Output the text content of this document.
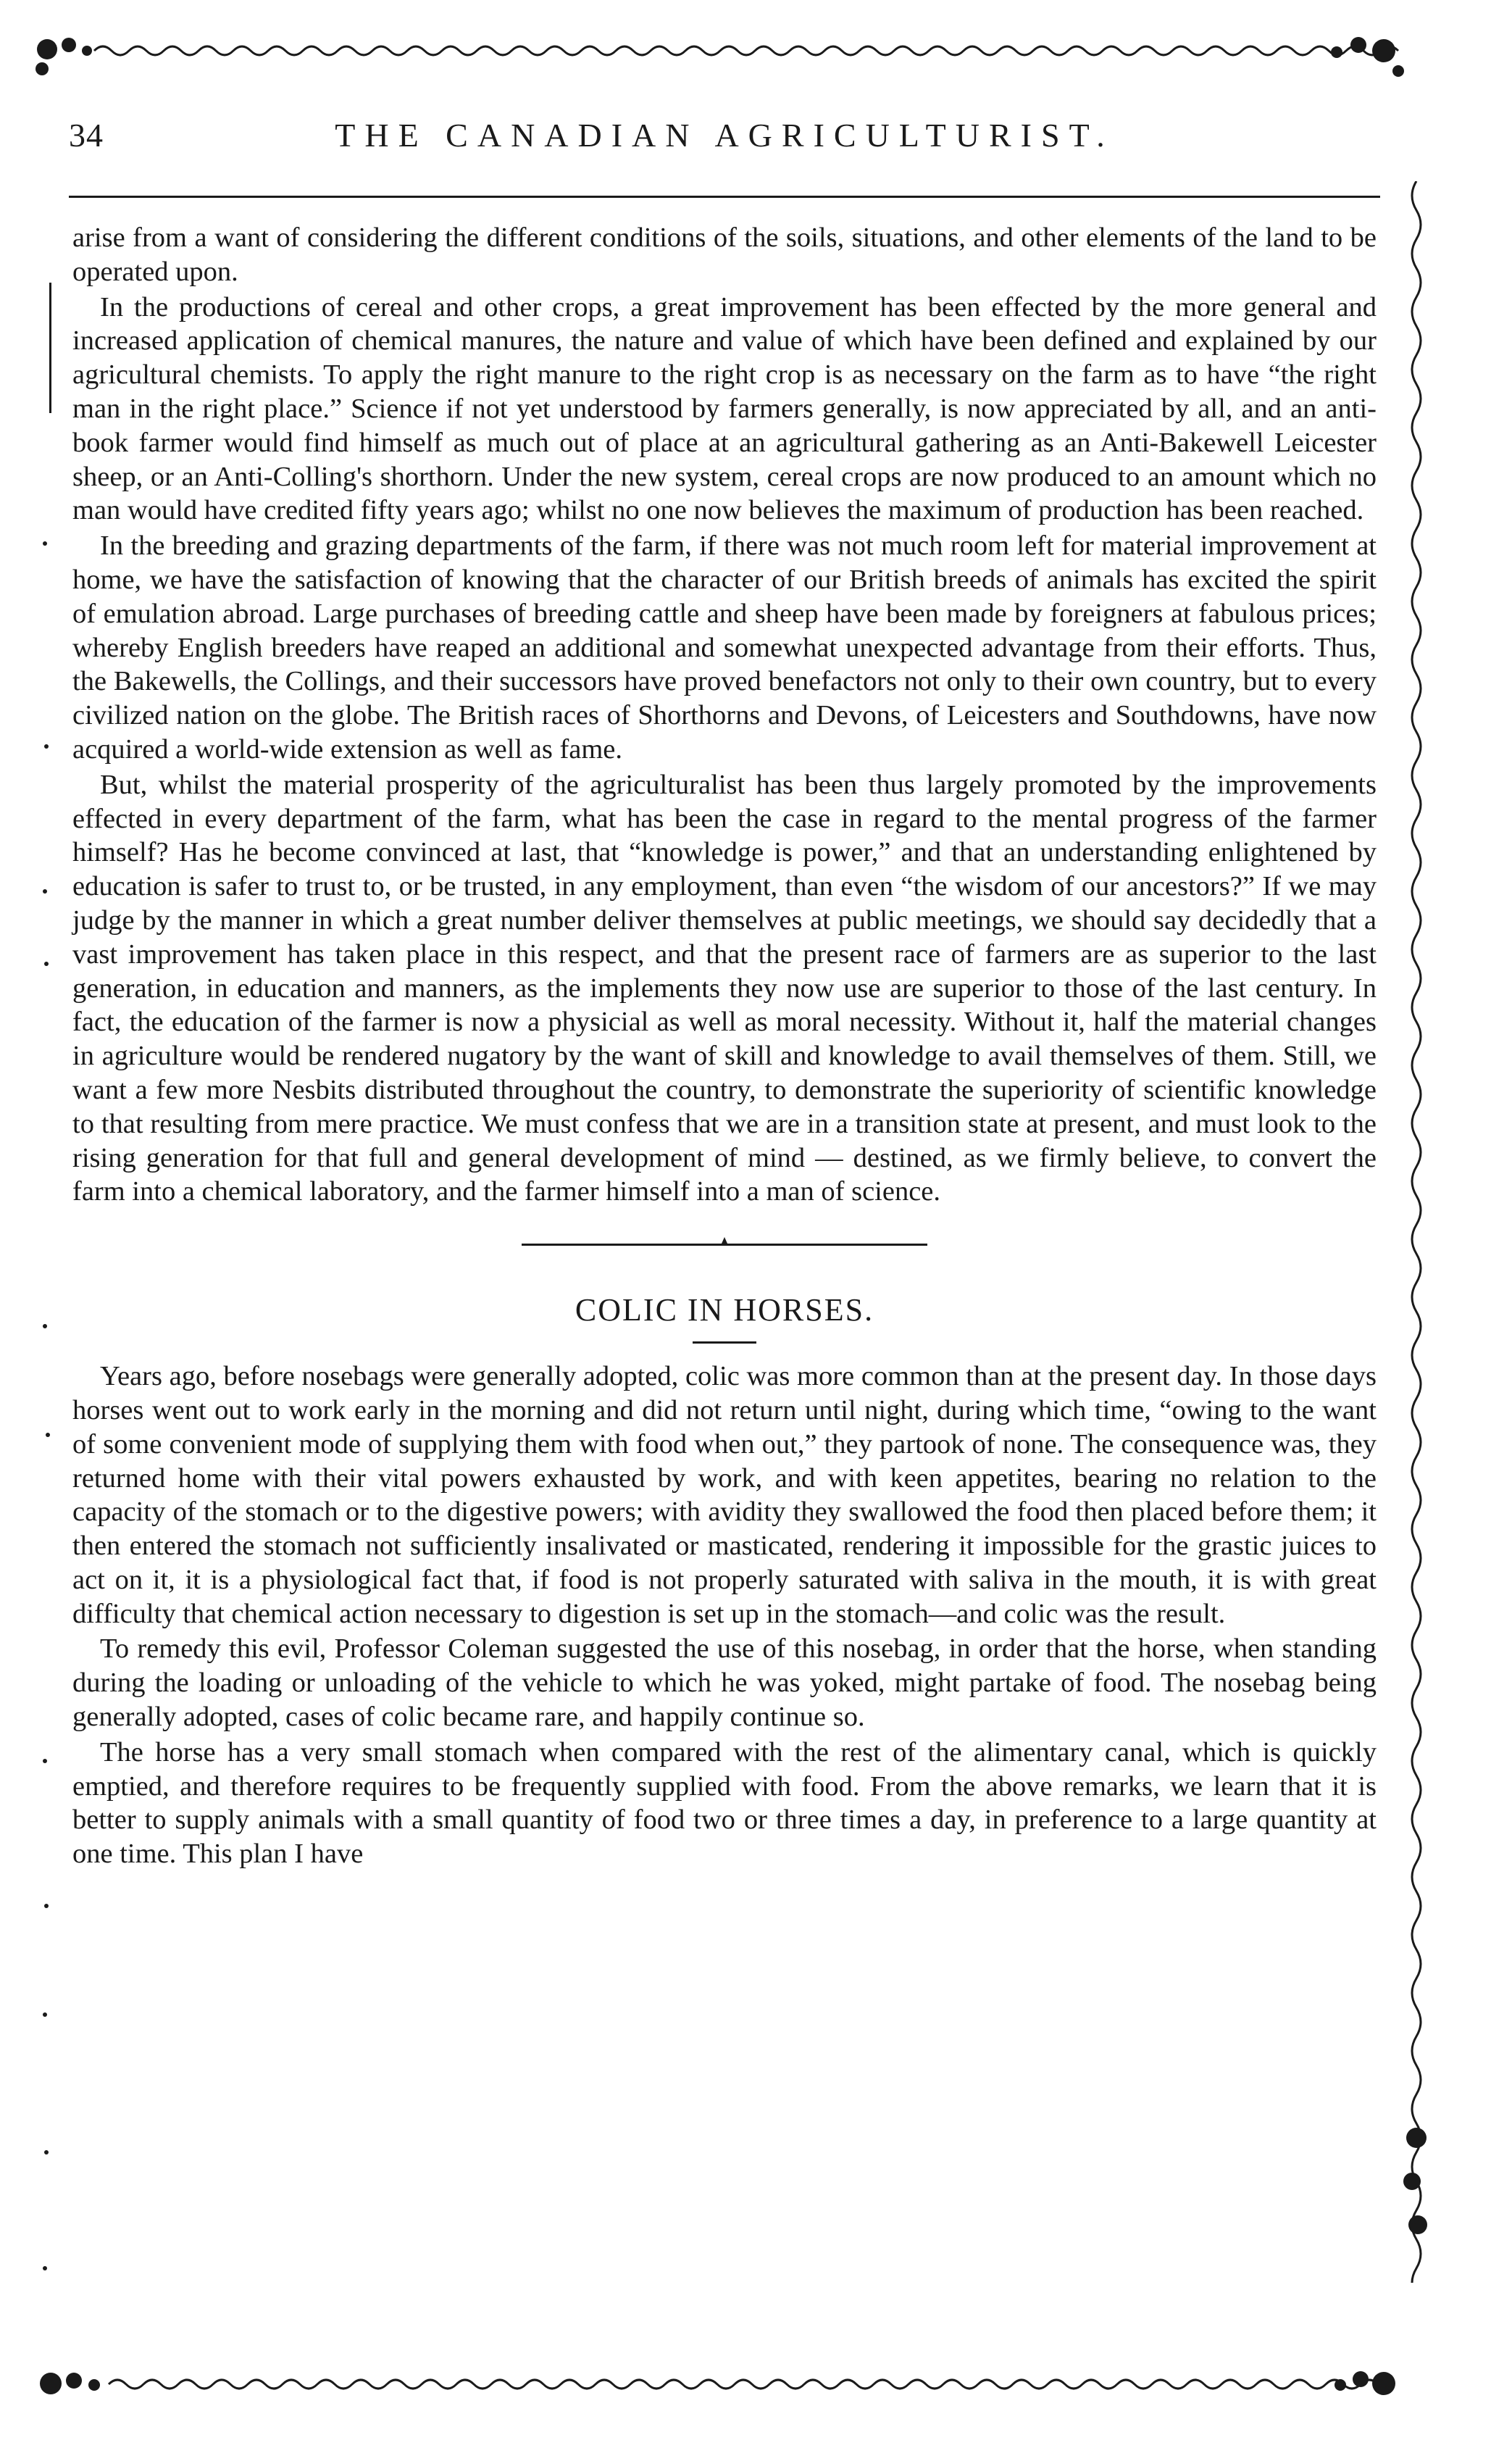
34	THE CANADIAN AGRICULTURIST.

arise from a want of considering the different conditions of the soils, situations, and other elements of the land to be operated upon.

In the productions of cereal and other crops, a great improvement has been effected by the more general and increased application of chemical manures, the nature and value of which have been defined and explained by our agricultural chemists. To apply the right manure to the right crop is as necessary on the farm as to have “the right man in the right place.” Science if not yet understood by farmers generally, is now appreciated by all, and an anti-book farmer would find himself as much out of place at an agricultural gathering as an Anti-Bakewell Leicester sheep, or an Anti-Colling's shorthorn. Under the new system, cereal crops are now produced to an amount which no man would have credited fifty years ago; whilst no one now believes the maximum of production has been reached.

In the breeding and grazing departments of the farm, if there was not much room left for material improvement at home, we have the satisfaction of knowing that the character of our British breeds of animals has excited the spirit of emulation abroad. Large purchases of breeding cattle and sheep have been made by foreigners at fabulous prices; whereby English breeders have reaped an additional and somewhat unexpected advantage from their efforts. Thus, the Bakewells, the Collings, and their successors have proved benefactors not only to their own country, but to every civilized nation on the globe. The British races of Shorthorns and Devons, of Leicesters and Southdowns, have now acquired a world-wide extension as well as fame.

But, whilst the material prosperity of the agriculturalist has been thus largely promoted by the improvements effected in every department of the farm, what has been the case in regard to the mental progress of the farmer himself? Has he become convinced at last, that “knowledge is power,” and that an understanding enlightened by education is safer to trust to, or be trusted, in any employment, than even “the wisdom of our ancestors?” If we may judge by the manner in which a great number deliver themselves at public meetings, we should say decidedly that a vast improvement has taken place in this respect, and that the present race of farmers are as superior to the last generation, in education and manners, as the implements they now use are superior to those of the last century. In fact, the education of the farmer is now a physicial as well as moral necessity. Without it, half the material changes in agriculture would be rendered nugatory by the want of skill and knowledge to avail themselves of them. Still, we want a few more Nesbits distributed throughout the country, to demonstrate the superiority of scientific knowledge to that resulting from mere practice. We must confess that we are in a transition state at present, and must look to the rising generation for that full and general development of mind — destined, as we firmly believe, to convert the farm into a chemical laboratory, and the farmer himself into a man of science.

COLIC IN HORSES.

Years ago, before nosebags were generally adopted, colic was more common than at the present day. In those days horses went out to work early in the morning and did not return until night, during which time, “owing to the want of some convenient mode of supplying them with food when out,” they partook of none. The consequence was, they returned home with their vital powers exhausted by work, and with keen appetites, bearing no relation to the capacity of the stomach or to the digestive powers; with avidity they swallowed the food then placed before them; it then entered the stomach not sufficiently insalivated or masticated, rendering it impossible for the grastic juices to act on it, it is a physiological fact that, if food is not properly saturated with saliva in the mouth, it is with great difficulty that chemical action necessary to digestion is set up in the stomach—and colic was the result.

To remedy this evil, Professor Coleman suggested the use of this nosebag, in order that the horse, when standing during the loading or unloading of the vehicle to which he was yoked, might partake of food. The nosebag being generally adopted, cases of colic became rare, and happily continue so.

The horse has a very small stomach when compared with the rest of the alimentary canal, which is quickly emptied, and therefore requires to be frequently supplied with food. From the above remarks, we learn that it is better to supply animals with a small quantity of food two or three times a day, in preference to a large quantity at one time. This plan I have
